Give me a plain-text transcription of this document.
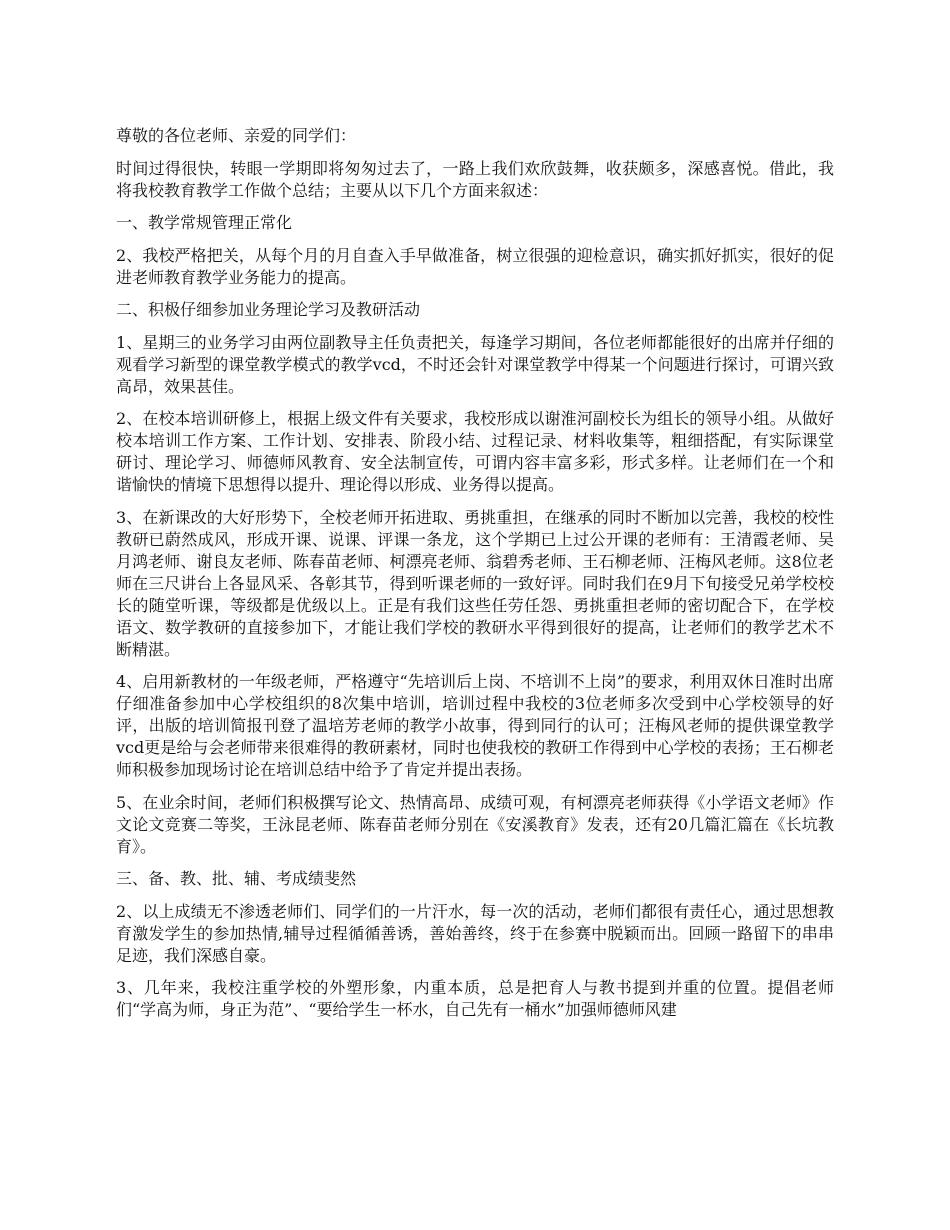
尊敬的各位老师、亲爱的同学们：

时间过得很快，转眼一学期即将匆匆过去了，一路上我们欢欣鼓舞，收获颇多，深感喜悦。借此，我将我校教育教学工作做个总结；主要从以下几个方面来叙述：

一、教学常规管理正常化

2、我校严格把关，从每个月的月自查入手早做准备，树立很强的迎检意识，确实抓好抓实，很好的促进老师教育教学业务能力的提高。

二、积极仔细参加业务理论学习及教研活动

1、星期三的业务学习由两位副教导主任负责把关，每逢学习期间，各位老师都能很好的出席并仔细的观看学习新型的课堂教学模式的教学vcd，不时还会针对课堂教学中得某一个问题进行探讨，可谓兴致高昂，效果甚佳。

2、在校本培训研修上，根据上级文件有关要求，我校形成以谢淮河副校长为组长的领导小组。从做好校本培训工作方案、工作计划、安排表、阶段小结、过程记录、材料收集等，粗细搭配，有实际课堂研讨、理论学习、师德师风教育、安全法制宣传，可谓内容丰富多彩，形式多样。让老师们在一个和谐愉快的情境下思想得以提升、理论得以形成、业务得以提高。

3、在新课改的大好形势下，全校老师开拓进取、勇挑重担，在继承的同时不断加以完善，我校的校性教研已蔚然成风，形成开课、说课、评课一条龙，这个学期已上过公开课的老师有：王清霞老师、吴月鸿老师、谢良友老师、陈春苗老师、柯漂亮老师、翁碧秀老师、王石柳老师、汪梅风老师。这8位老师在三尺讲台上各显风采、各彰其节，得到听课老师的一致好评。同时我们在9月下旬接受兄弟学校校长的随堂听课，等级都是优级以上。正是有我们这些任劳任怨、勇挑重担老师的密切配合下，在学校语文、数学教研的直接参加下，才能让我们学校的教研水平得到很好的提高，让老师们的教学艺术不断精湛。

4、启用新教材的一年级老师，严格遵守“先培训后上岗、不培训不上岗”的要求，利用双休日准时出席仔细准备参加中心学校组织的8次集中培训，培训过程中我校的3位老师多次受到中心学校领导的好评，出版的培训简报刊登了温培芳老师的教学小故事，得到同行的认可；汪梅风老师的提供课堂教学vcd更是给与会老师带来很难得的教研素材，同时也使我校的教研工作得到中心学校的表扬；王石柳老师积极参加现场讨论在培训总结中给予了肯定并提出表扬。

5、在业余时间，老师们积极撰写论文、热情高昂、成绩可观，有柯漂亮老师获得《小学语文老师》作文论文竞赛二等奖，王泳昆老师、陈春苗老师分别在《安溪教育》发表，还有20几篇汇篇在《长坑教育》。

三、备、教、批、辅、考成绩斐然

2、以上成绩无不渗透老师们、同学们的一片汗水，每一次的活动，老师们都很有责任心，通过思想教育激发学生的参加热情,辅导过程循循善诱，善始善终，终于在参赛中脱颖而出。回顾一路留下的串串足迹，我们深感自豪。

3、几年来，我校注重学校的外塑形象，内重本质，总是把育人与教书提到并重的位置。提倡老师们“学高为师，身正为范”、“要给学生一杯水，自己先有一桶水”加强师德师风建
